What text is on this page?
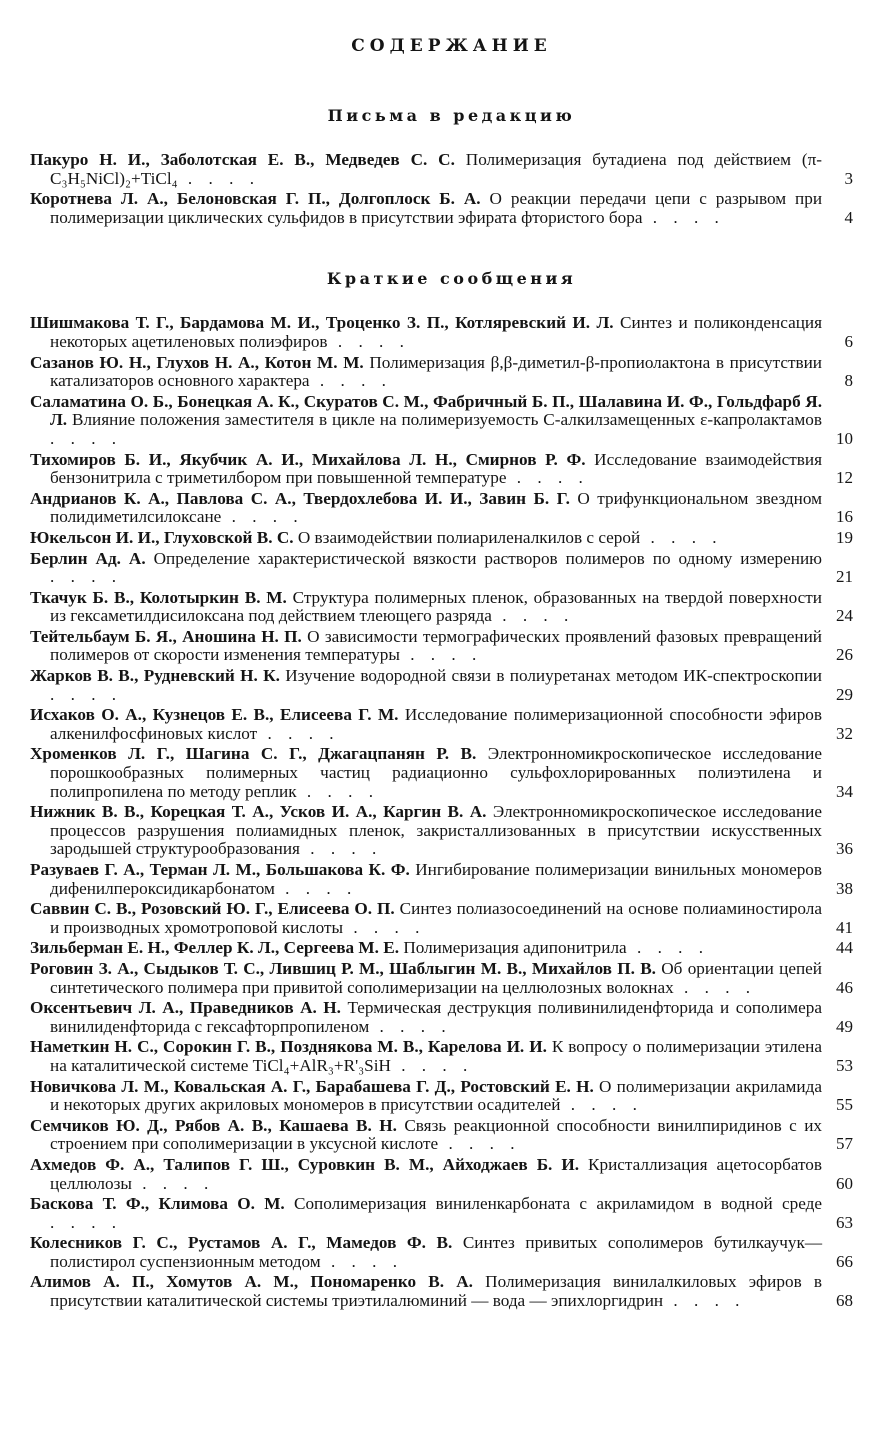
СОДЕРЖАНИЕ
Письма в редакцию
Пакуро Н. И., Заболотская Е. В., Медведев С. С. Полимеризация бутадиена под действием (π-C₃H₅NiCl)₂+TiCl₄ . . . .	3
Коротнева Л. А., Белоновская Г. П., Долгоплоск Б. А. О реакции передачи цепи с разрывом при полимеризации циклических сульфидов в присутствии эфирата фтористого бора . . . .	4
Краткие сообщения
Шишмакова Т. Г., Бардамова М. И., Троценко З. П., Котляревский И. Л. Синтез и поликонденсация некоторых ацетиленовых полиэфиров . . . .	6
Сазанов Ю. Н., Глухов Н. А., Котон М. М. Полимеризация β,β-диметил-β-пропиолактона в присутствии катализаторов основного характера . . . .	8
Саламатина О. Б., Бонецкая А. К., Скуратов С. М., Фабричный Б. П., Шалавина И. Ф., Гольдфарб Я. Л. Влияние положения заместителя в цикле на полимеризуемость С-алкилзамещенных ε-капролактамов . . . .	10
Тихомиров Б. И., Якубчик А. И., Михайлова Л. Н., Смирнов Р. Ф. Исследование взаимодействия бензонитрила с триметилбором при повышенной температуре . . . .	12
Андрианов К. А., Павлова С. А., Твердохлебова И. И., Завин Б. Г. О трифункциональном звездном полидиметилсилоксане . . . .	16
Юкельсон И. И., Глуховской В. С. О взаимодействии полиариленалкилов с серой . . . .	19
Берлин Ад. А. Определение характеристической вязкости растворов полимеров по одному измерению . . . .	21
Ткачук Б. В., Колотыркин В. М. Структура полимерных пленок, образованных на твердой поверхности из гексаметилдисилоксана под действием тлеющего разряда . . . .	24
Тейтельбаум Б. Я., Аношина Н. П. О зависимости термографических проявлений фазовых превращений полимеров от скорости изменения температуры . . . .	26
Жарков В. В., Рудневский Н. К. Изучение водородной связи в полиуретанах методом ИК-спектроскопии . . . .	29
Исхаков О. А., Кузнецов Е. В., Елисеева Г. М. Исследование полимеризационной способности эфиров алкенилфосфиновых кислот . . . .	32
Хроменков Л. Г., Шагина С. Г., Джагацпанян Р. В. Электронномикроскопическое исследование порошкообразных полимерных частиц радиационно сульфохлорированных полиэтилена и полипропилена по методу реплик . . . .	34
Нижник В. В., Корецкая Т. А., Усков И. А., Каргин В. А. Электронномикроскопическое исследование процессов разрушения полиамидных пленок, закристаллизованных в присутствии искусственных зародышей структурообразования . . . .	36
Разуваев Г. А., Терман Л. М., Большакова К. Ф. Ингибирование полимеризации винильных мономеров дифенилпероксидикарбонатом . . . .	38
Саввин С. В., Розовский Ю. Г., Елисеева О. П. Синтез полиазосоединений на основе полиаминостирола и производных хромотроповой кислоты . . . .	41
Зильберман Е. Н., Феллер К. Л., Сергеева М. Е. Полимеризация адипонитрила . . . .	44
Роговин З. А., Сыдыков Т. С., Лившиц Р. М., Шаблыгин М. В., Михайлов П. В. Об ориентации цепей синтетического полимера при привитой сополимеризации на целлюлозных волокнах . . . .	46
Оксентьевич Л. А., Праведников А. Н. Термическая деструкция поливинилиденфторида и сополимера винилиденфторида с гексафторпропиленом . . . .	49
Наметкин Н. С., Сорокин Г. В., Позднякова М. В., Карелова И. И. К вопросу о полимеризации этилена на каталитической системе TiCl₄+AlR₃+R'₃SiH . . . .	53
Новичкова Л. М., Ковальская А. Г., Барабашева Г. Д., Ростовский Е. Н. О полимеризации акриламида и некоторых других акриловых мономеров в присутствии осадителей . . . .	55
Семчиков Ю. Д., Рябов А. В., Кашаева В. Н. Связь реакционной способности винилпиридинов с их строением при сополимеризации в уксусной кислоте . . . .	57
Ахмедов Ф. А., Талипов Г. Ш., Суровкин В. М., Айходжаев Б. И. Кристаллизация ацетосорбатов целлюлозы . . . .	60
Баскова Т. Ф., Климова О. М. Сополимеризация виниленкарбоната с акриламидом в водной среде . . . .	63
Колесников Г. С., Рустамов А. Г., Мамедов Ф. В. Синтез привитых сополимеров бутилкаучук—полистирол суспензионным методом . . . .	66
Алимов А. П., Хомутов А. М., Пономаренко В. А. Полимеризация винилалкиловых эфиров в присутствии каталитической системы триэтилалюминий — вода — эпихлоргидрин . . . .	68
